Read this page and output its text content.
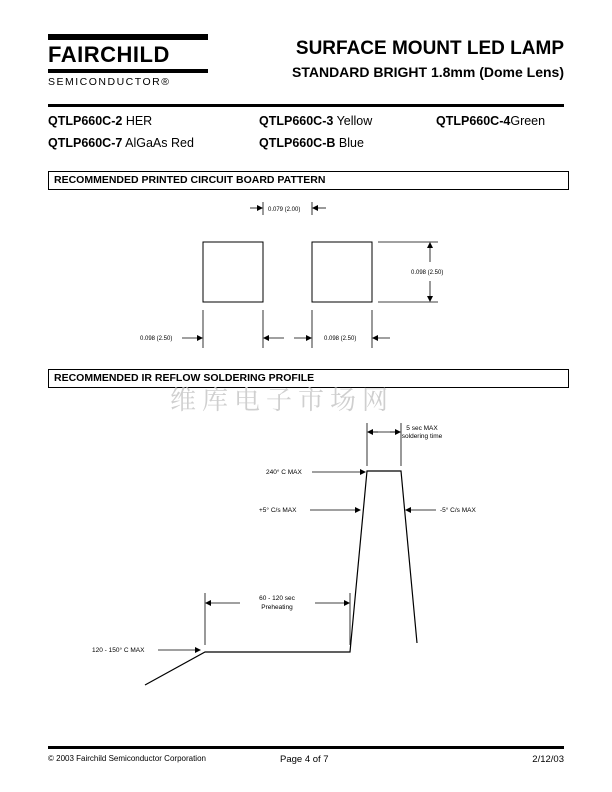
FAIRCHILD
SEMICONDUCTOR®
SURFACE MOUNT LED LAMP
STANDARD BRIGHT 1.8mm (Dome Lens)
QTLP660C-2 HER	QTLP660C-3 Yellow	QTLP660C-4Green
QTLP660C-7 AlGaAs Red	QTLP660C-B Blue
RECOMMENDED PRINTED CIRCUIT BOARD PATTERN
0.079 (2.00)
0.098 (2.50)
0.098 (2.50)	0.098 (2.50)
5 sec MAX
soldering time
240° C MAX
+5° C/s MAX	-5° C/s MAX
60 - 120 sec
Preheating
120 - 150° C MAX
RECOMMENDED IR REFLOW SOLDERING PROFILE
维库电子市场网
© 2003 Fairchild Semiconductor Corporation	Page 4 of 7	2/12/03
